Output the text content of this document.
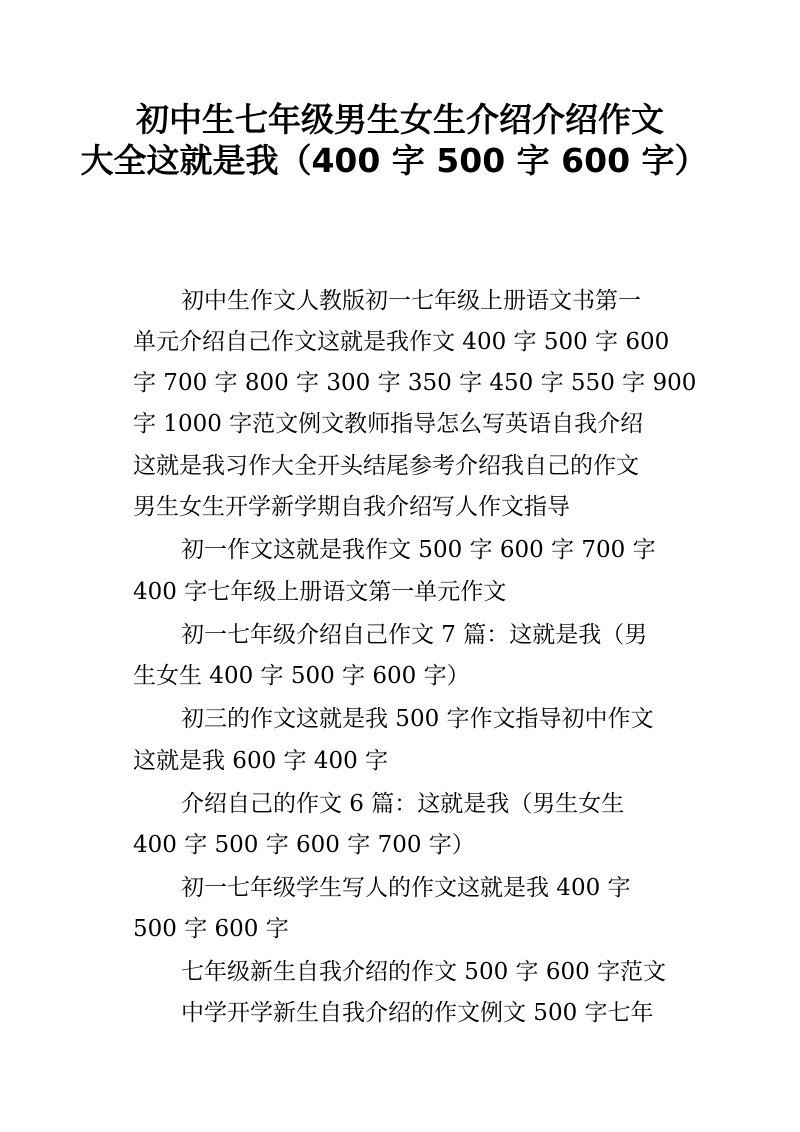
初中生七年级男生女生介绍介绍作文
大全这就是我（400 字 500 字 600 字）
初中生作文人教版初一七年级上册语文书第一
单元介绍自己作文这就是我作文 400 字 500 字 600
字 700 字 800 字 300 字 350 字 450 字 550 字 900
字 1000 字范文例文教师指导怎么写英语自我介绍
这就是我习作大全开头结尾参考介绍我自己的作文
男生女生开学新学期自我介绍写人作文指导
初一作文这就是我作文 500 字 600 字 700 字
400 字七年级上册语文第一单元作文
初一七年级介绍自己作文 7 篇：这就是我（男
生女生 400 字 500 字 600 字）
初三的作文这就是我 500 字作文指导初中作文
这就是我 600 字 400 字
介绍自己的作文 6 篇：这就是我（男生女生
400 字 500 字 600 字 700 字）
初一七年级学生写人的作文这就是我 400 字
500 字 600 字
七年级新生自我介绍的作文 500 字 600 字范文
中学开学新生自我介绍的作文例文 500 字七年
